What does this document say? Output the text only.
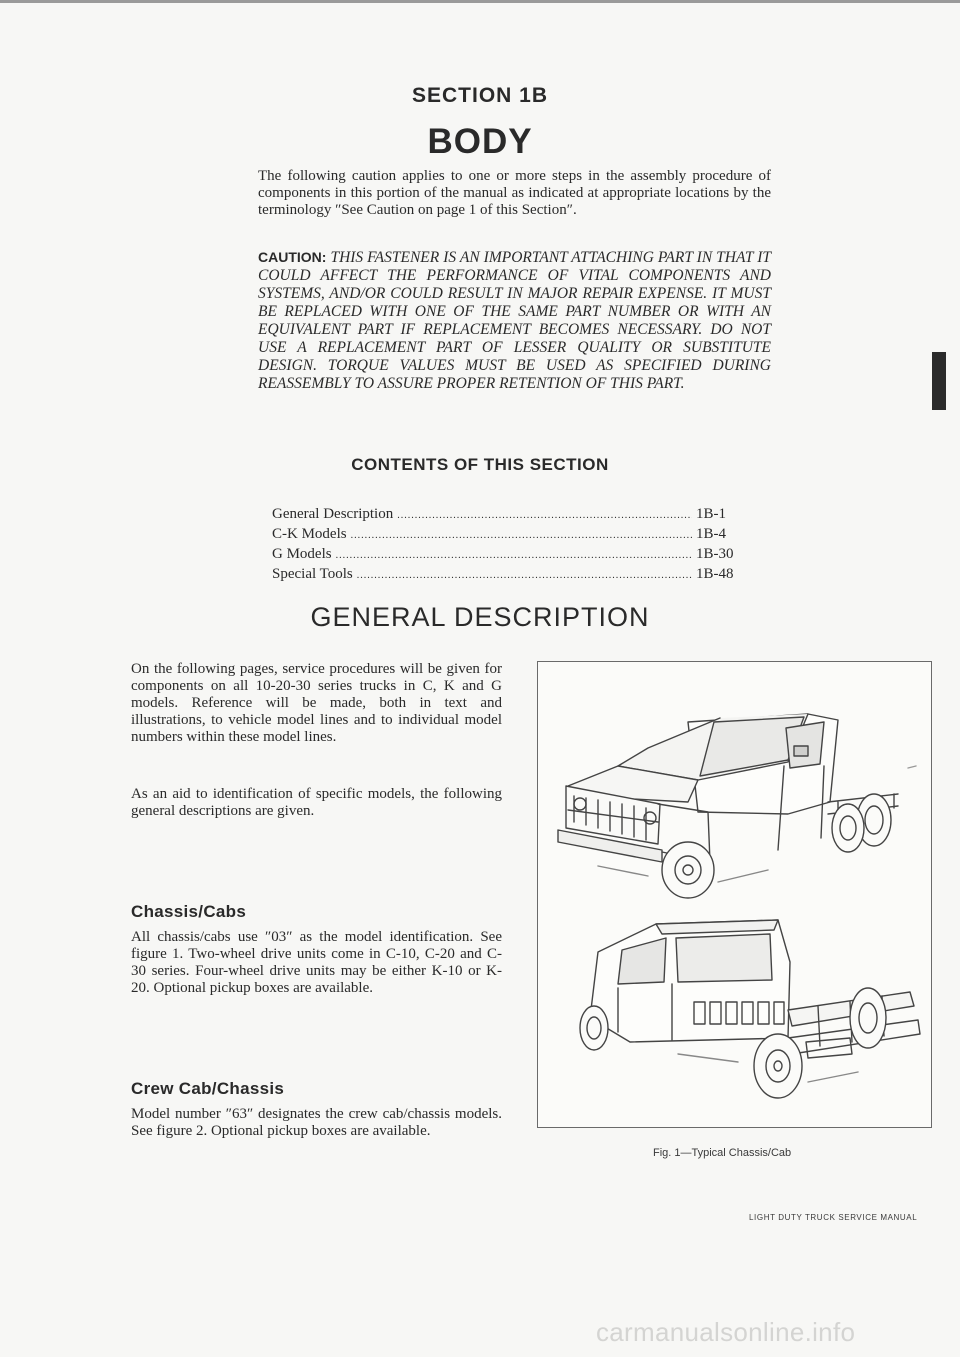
SECTION 1B
BODY
The following caution applies to one or more steps in the assembly procedure of components in this portion of the manual as indicated at appropriate locations by the terminology ″See Caution on page 1 of this Section″.
CAUTION: THIS FASTENER IS AN IMPORTANT ATTACHING PART IN THAT IT COULD AFFECT THE PERFORMANCE OF VITAL COMPONENTS AND SYSTEMS, AND/OR COULD RESULT IN MAJOR REPAIR EXPENSE. IT MUST BE REPLACED WITH ONE OF THE SAME PART NUMBER OR WITH AN EQUIVALENT PART IF REPLACEMENT BECOMES NECESSARY. DO NOT USE A REPLACEMENT PART OF LESSER QUALITY OR SUBSTITUTE DESIGN. TORQUE VALUES MUST BE USED AS SPECIFIED DURING REASSEMBLY TO ASSURE PROPER RETENTION OF THIS PART.
CONTENTS OF THIS SECTION
General Description .....	1B-1
C-K Models .....	1B-4
G Models .....	1B-30
Special Tools .....	1B-48
GENERAL DESCRIPTION
On the following pages, service procedures will be given for components on all 10-20-30 series trucks in C, K and G models. Reference will be made, both in text and illustrations, to vehicle model lines and to individual model numbers within these model lines.
As an aid to identification of specific models, the following general descriptions are given.
Chassis/Cabs
All chassis/cabs use ″03″ as the model identification. See figure 1. Two-wheel drive units come in C-10, C-20 and C-30 series. Four-wheel drive units may be either K-10 or K-20. Optional pickup boxes are available.
Crew Cab/Chassis
Model number ″63″ designates the crew cab/chassis models. See figure 2. Optional pickup boxes are available.
Fig. 1—Typical Chassis/Cab
LIGHT DUTY TRUCK SERVICE MANUAL
carmanualsonline.info
